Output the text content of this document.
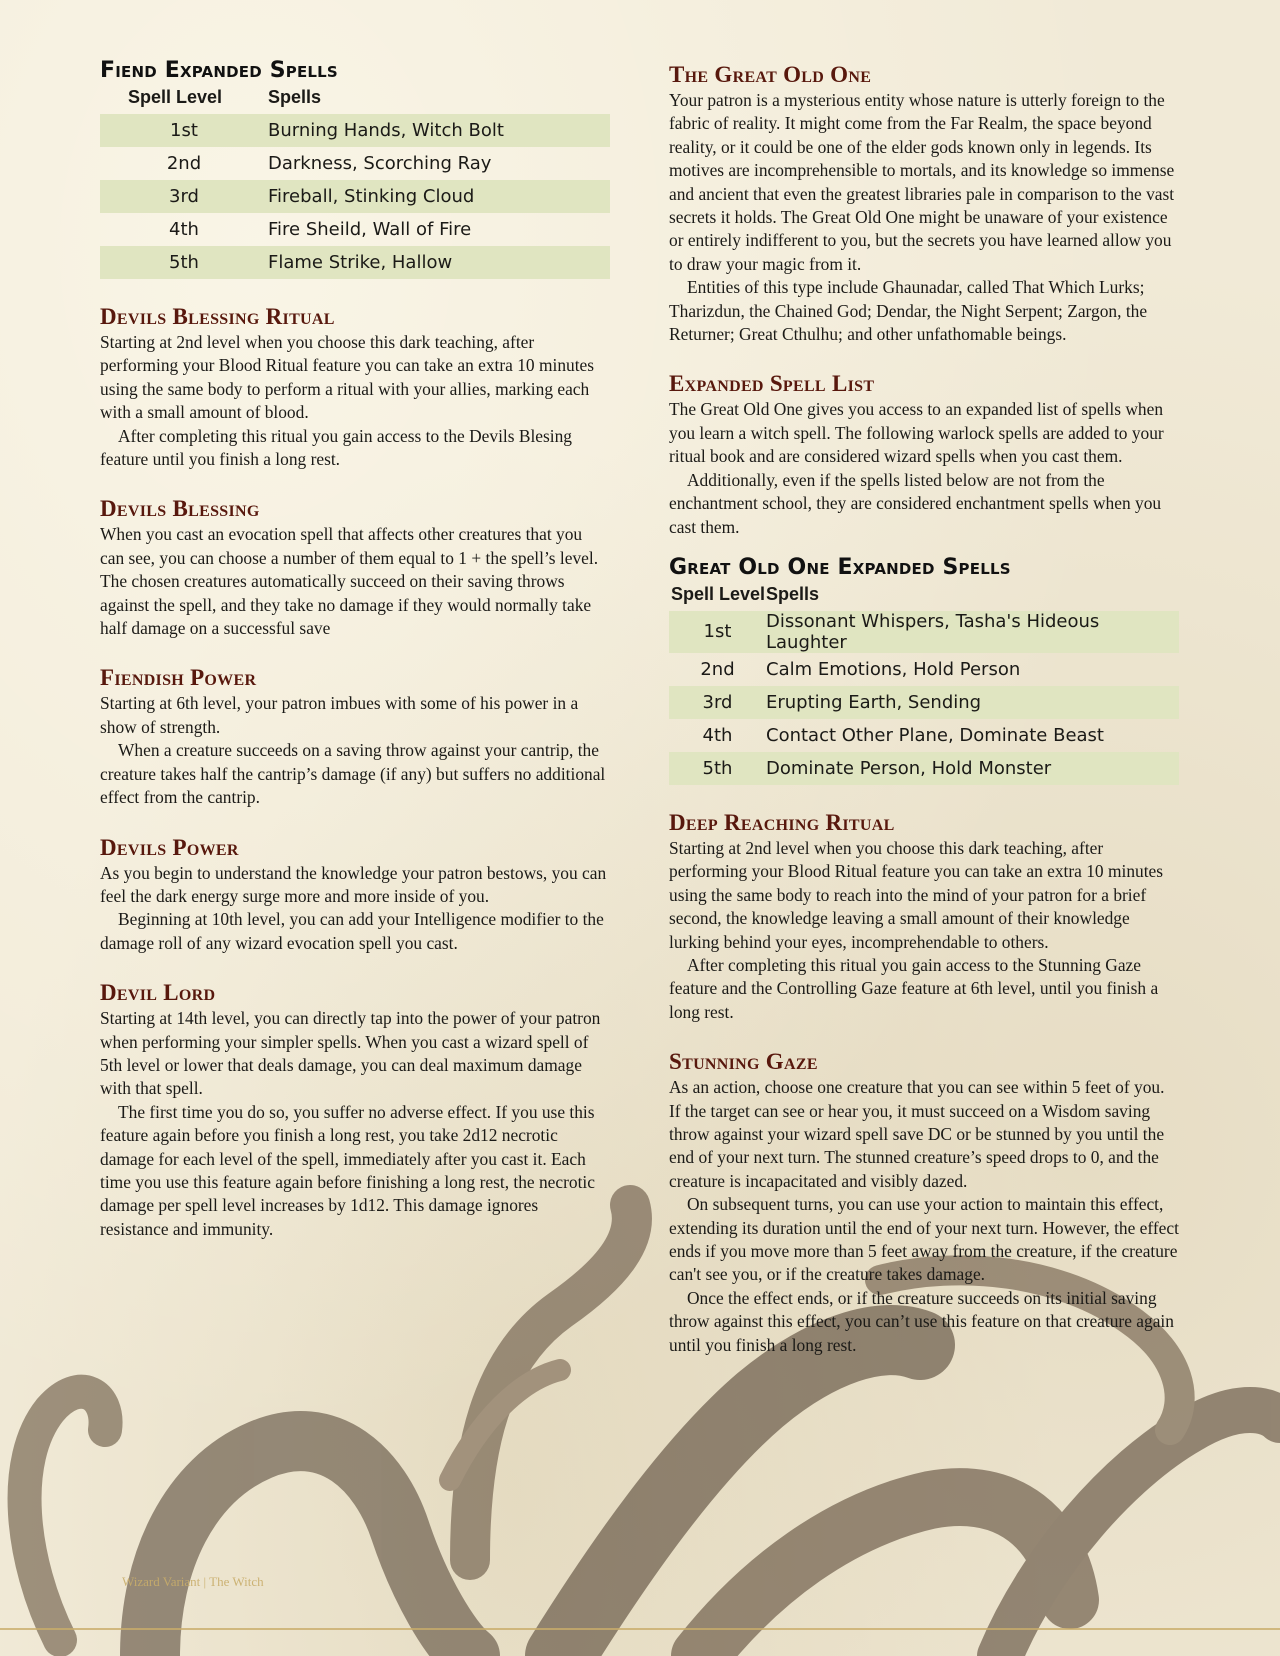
Fiend Expanded Spells
Spell Level	Spells
1st	Burning Hands, Witch Bolt
2nd	Darkness, Scorching Ray
3rd	Fireball, Stinking Cloud
4th	Fire Sheild, Wall of Fire
5th	Flame Strike, Hallow
Devils Blessing Ritual

Starting at 2nd level when you choose this dark teaching, after performing your Blood Ritual feature you can take an extra 10 minutes using the same body to perform a ritual with your allies, marking each with a small amount of blood.

After completing this ritual you gain access to the Devils Blesing feature until you finish a long rest.

Devils Blessing

When you cast an evocation spell that affects other creatures that you can see, you can choose a number of them equal to 1 + the spell’s level. The chosen creatures automatically succeed on their saving throws against the spell, and they take no damage if they would normally take half damage on a successful save

Fiendish Power

Starting at 6th level, your patron imbues with some of his power in a show of strength.

When a creature succeeds on a saving throw against your cantrip, the creature takes half the cantrip’s damage (if any) but suffers no additional effect from the cantrip.

Devils Power

As you begin to understand the knowledge your patron bestows, you can feel the dark energy surge more and more inside of you.

Beginning at 10th level, you can add your Intelligence modifier to the damage roll of any wizard evocation spell you cast.

Devil Lord

Starting at 14th level, you can directly tap into the power of your patron when performing your simpler spells. When you cast a wizard spell of 5th level or lower that deals damage, you can deal maximum damage with that spell.

The first time you do so, you suffer no adverse effect. If you use this feature again before you finish a long rest, you take 2d12 necrotic damage for each level of the spell, immediately after you cast it. Each time you use this feature again before finishing a long rest, the necrotic damage per spell level increases by 1d12. This damage ignores resistance and immunity.

The Great Old One

Your patron is a mysterious entity whose nature is utterly foreign to the fabric of reality. It might come from the Far Realm, the space beyond reality, or it could be one of the elder gods known only in legends. Its motives are incomprehensible to mortals, and its knowledge so immense and ancient that even the greatest libraries pale in comparison to the vast secrets it holds. The Great Old One might be unaware of your existence or entirely indifferent to you, but the secrets you have learned allow you to draw your magic from it.

Entities of this type include Ghaunadar, called That Which Lurks; Tharizdun, the Chained God; Dendar, the Night Serpent; Zargon, the Returner; Great Cthulhu; and other unfathomable beings.

Expanded Spell List

The Great Old One gives you access to an expanded list of spells when you learn a witch spell. The following warlock spells are added to your ritual book and are considered wizard spells when you cast them.

Additionally, even if the spells listed below are not from the enchantment school, they are considered enchantment spells when you cast them.

Great Old One Expanded Spells
Spell Level	Spells
1st	Dissonant Whispers, Tasha's Hideous Laughter
2nd	Calm Emotions, Hold Person
3rd	Erupting Earth, Sending
4th	Contact Other Plane, Dominate Beast
5th	Dominate Person, Hold Monster
Deep Reaching Ritual

Starting at 2nd level when you choose this dark teaching, after performing your Blood Ritual feature you can take an extra 10 minutes using the same body to reach into the mind of your patron for a brief second, the knowledge leaving a small amount of their knowledge lurking behind your eyes, incomprehendable to others.

After completing this ritual you gain access to the Stunning Gaze feature and the Controlling Gaze feature at 6th level, until you finish a long rest.

Stunning Gaze

As an action, choose one creature that you can see within 5 feet of you. If the target can see or hear you, it must succeed on a Wisdom saving throw against your wizard spell save DC or be stunned by you until the end of your next turn. The stunned creature’s speed drops to 0, and the creature is incapacitated and visibly dazed.

On subsequent turns, you can use your action to maintain this effect, extending its duration until the end of your next turn. However, the effect ends if you move more than 5 feet away from the creature, if the creature can't see you, or if the creature takes damage.

Once the effect ends, or if the creature succeeds on its initial saving throw against this effect, you can’t use this feature on that creature again until you finish a long rest.

Wizard Variant | The Witch
